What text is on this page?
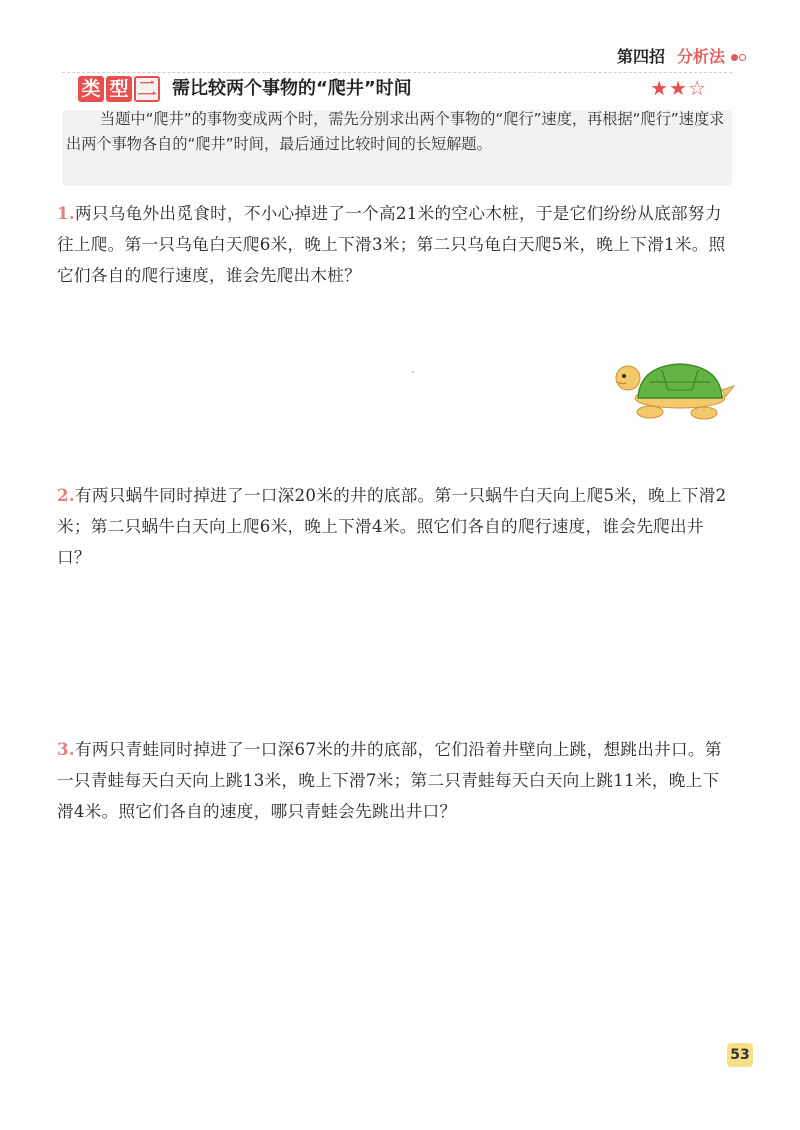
第四招 分析法
类 型 二 需比较两个事物的“爬井”时间	★ ★ ☆
当题中“爬井”的事物变成两个时，需先分别求出两个事物的“爬行”速度，再根据“爬行”速度求出两个事物各自的“爬井”时间，最后通过比较时间的长短解题。
1.两只乌龟外出觅食时，不小心掉进了一个高21米的空心木桩，于是它们纷纷从底部努力往上爬。第一只乌龟白天爬6米，晚上下滑3米；第二只乌龟白天爬5米，晚上下滑1米。照它们各自的爬行速度，谁会先爬出木桩？
2.有两只蜗牛同时掉进了一口深20米的井的底部。第一只蜗牛白天向上爬5米，晚上下滑2米；第二只蜗牛白天向上爬6米，晚上下滑4米。照它们各自的爬行速度，谁会先爬出井口？
3.有两只青蛙同时掉进了一口深67米的井的底部，它们沿着井壁向上跳，想跳出井口。第一只青蛙每天白天向上跳13米，晚上下滑7米；第二只青蛙每天白天向上跳11米，晚上下滑4米。照它们各自的速度，哪只青蛙会先跳出井口？
53
